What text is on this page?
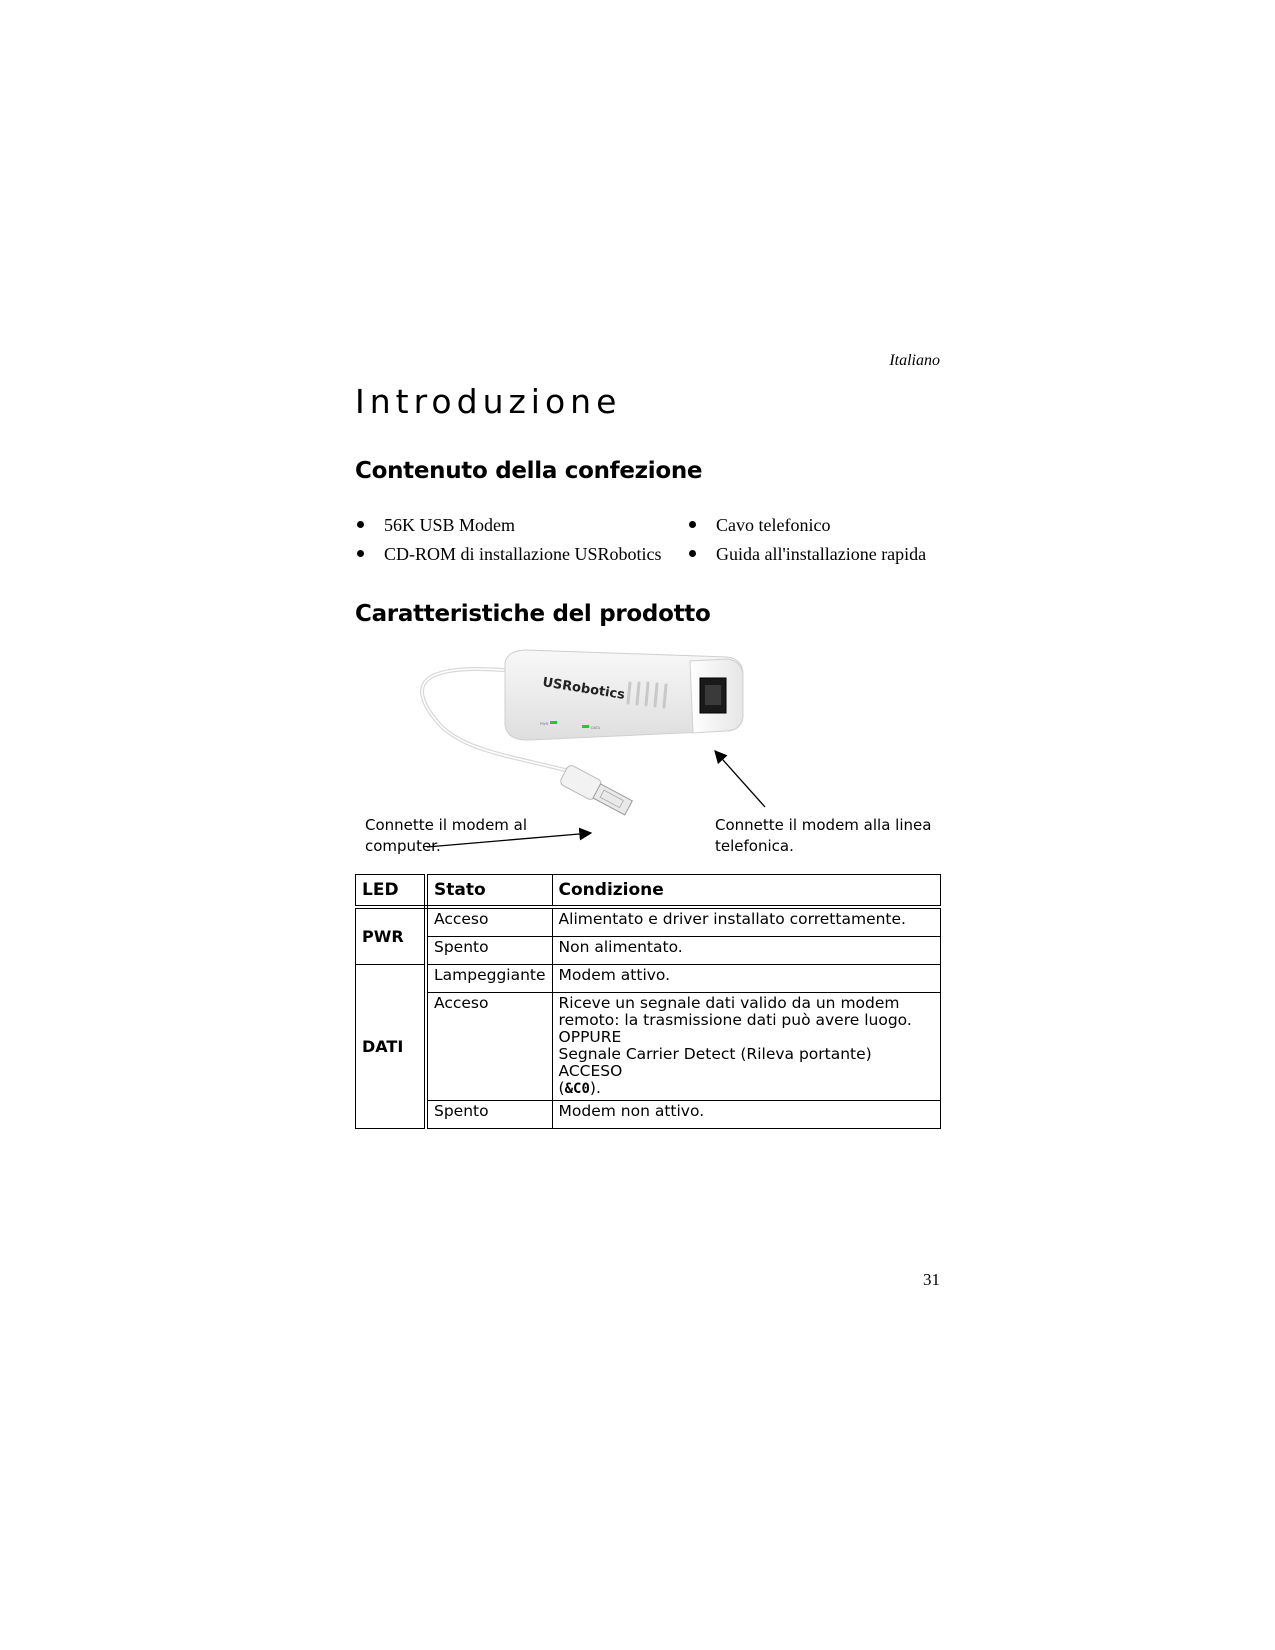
Italiano
Introduzione
Contenuto della confezione
56K USB Modem
CD-ROM di installazione USRobotics
Cavo telefonico
Guida all'installazione rapida
Caratteristiche del prodotto
USRobotics
PWR
DATA
Connette il modem al
computer.
Connette il modem alla linea
telefonica.
LED	Stato	Condizione
PWR	Acceso	Alimentato e driver installato correttamente.
	Spento	Non alimentato.
DATI	Lampeggiante	Modem attivo.
	Acceso	Riceve un segnale dati valido da un modem
remoto: la trasmissione dati può avere luogo.
OPPURE
Segnale Carrier Detect (Rileva portante) ACCESO
(&C0).

	Spento	Modem non attivo.
31
